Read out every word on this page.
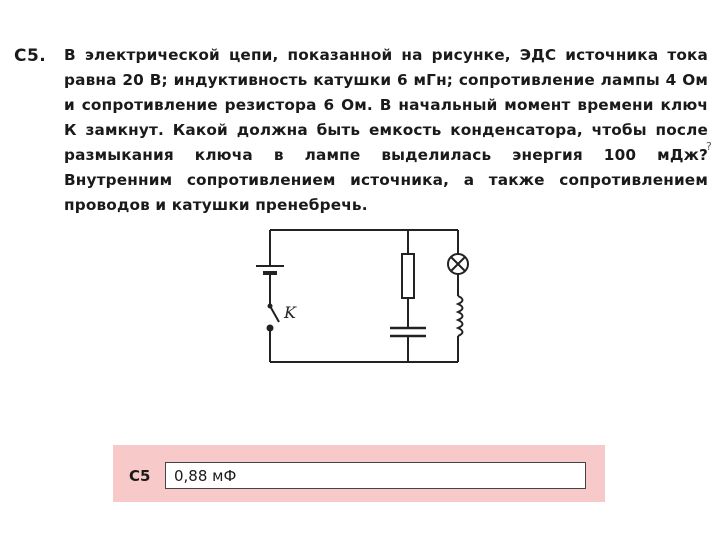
С5. В электрической цепи, показанной на рисунке, ЭДС источника тока равна 20 В; индуктивность катушки 6 мГн; сопротивление лампы 4 Ом и сопротивление резистора 6 Ом. В начальный момент времени ключ К замкнут. Какой должна быть емкость конденсатора, чтобы после размыкания ключа в лампе выделилась энергия 100 мДж? Внутренним сопротивлением источника, а также сопротивлением проводов и катушки пренебречь.
?
K
С5 0,88 мФ
